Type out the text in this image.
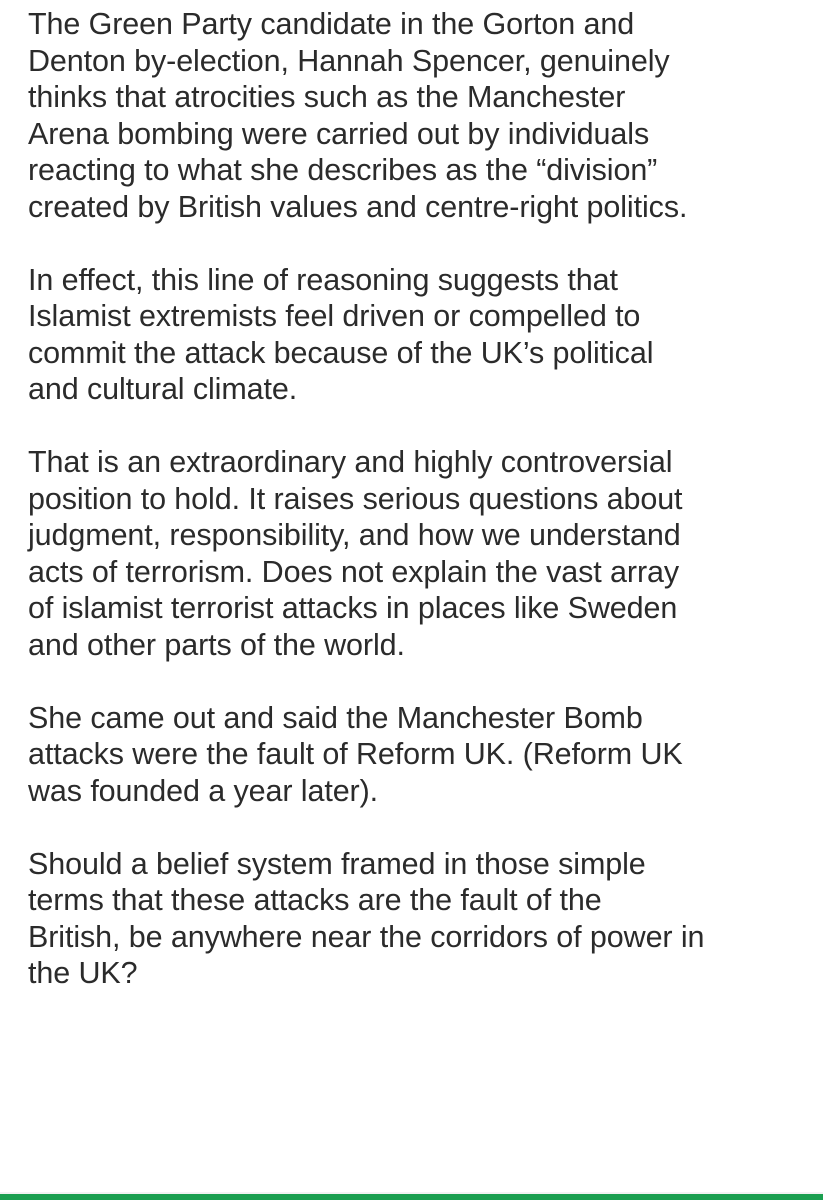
The Green Party candidate in the Gorton and
Denton by-election, Hannah Spencer, genuinely
thinks that atrocities such as the Manchester
Arena bombing were carried out by individuals
reacting to what she describes as the “division”
created by British values and centre-right politics.

In effect, this line of reasoning suggests that
Islamist extremists feel driven or compelled to
commit the attack because of the UK’s political
and cultural climate.

That is an extraordinary and highly controversial
position to hold. It raises serious questions about
judgment, responsibility, and how we understand
acts of terrorism. Does not explain the vast array
of islamist terrorist attacks in places like Sweden
and other parts of the world.

She came out and said the Manchester Bomb
attacks were the fault of Reform UK. (Reform UK
was founded a year later).

Should a belief system framed in those simple
terms that these attacks are the fault of the
British, be anywhere near the corridors of power in
the UK?
